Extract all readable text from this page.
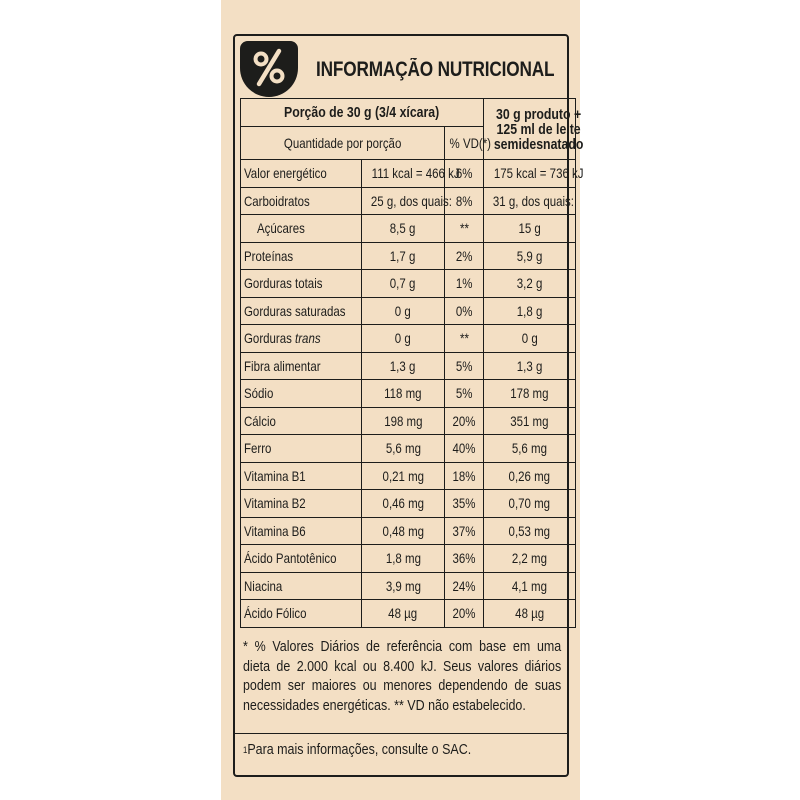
INFORMAÇÃO NUTRICIONAL
Porção de 30 g (3/4 xícara)			30 g produto + 125 ml de leite semidesnatado
Quantidade por porção		% VD(*)	
Valor energético	111 kcal = 466 kJ	6%	175 kcal = 736 kJ
Carboidratos	25 g, dos quais:	8%	31 g, dos quais:
Açúcares	8,5 g	**	15 g
Proteínas	1,7 g	2%	5,9 g
Gorduras totais	0,7 g	1%	3,2 g
Gorduras saturadas	0 g	0%	1,8 g
Gorduras trans	0 g	**	0 g
Fibra alimentar	1,3 g	5%	1,3 g
Sódio	118 mg	5%	178 mg
Cálcio	198 mg	20%	351 mg
Ferro	5,6 mg	40%	5,6 mg
Vitamina B1	0,21 mg	18%	0,26 mg
Vitamina B2	0,46 mg	35%	0,70 mg
Vitamina B6	0,48 mg	37%	0,53 mg
Ácido Pantotênico	1,8 mg	36%	2,2 mg
Niacina	3,9 mg	24%	4,1 mg
Ácido Fólico	48 µg	20%	48 µg
* % Valores Diários de referência com base em uma dieta de 2.000 kcal ou 8.400 kJ. Seus valores diários podem ser maiores ou menores dependendo de suas necessidades energéticas. ** VD não estabelecido.
$^1$Para mais informações, consulte o SAC.
